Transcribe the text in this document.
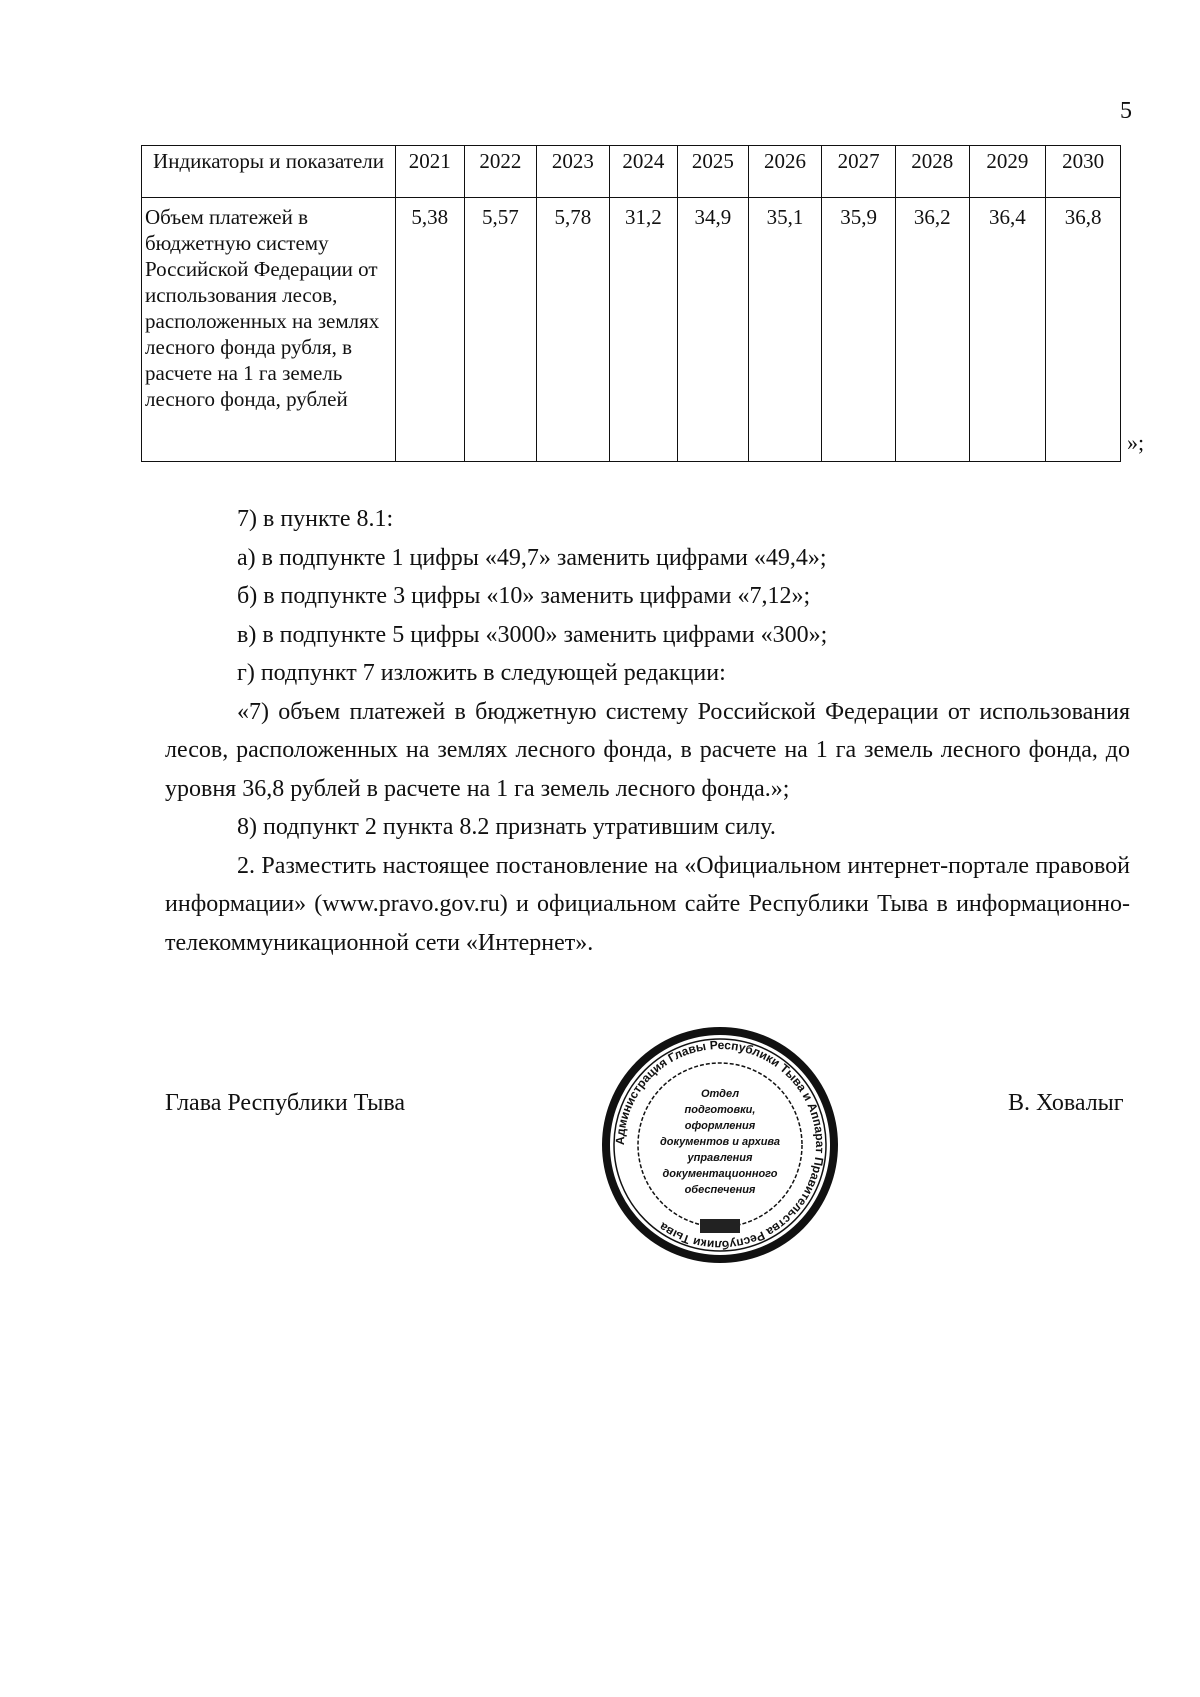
5
Индикаторы и показатели	2021	2022	2023	2024	2025	2026	2027	2028	2029	2030
Объем платежей в бюджетную систему Российской Федерации от использования лесов, расположенных на землях лесного фонда рубля, в расчете на 1 га земель лесного фонда, рублей	5,38	5,57	5,78	31,2	34,9	35,1	35,9	36,2	36,4	36,8
»;

7) в пункте 8.1:

а) в подпункте 1 цифры «49,7» заменить цифрами «49,4»;

б) в подпункте 3 цифры «10» заменить цифрами «7,12»;

в) в подпункте 5 цифры «3000» заменить цифрами «300»;

г) подпункт 7 изложить в следующей редакции:

«7) объем платежей в бюджетную систему Российской Федерации от использования лесов, расположенных на землях лесного фонда, в расчете на 1 га земель лесного фонда, до уровня 36,8 рублей в расчете на 1 га земель лесного фонда.»;

8) подпункт 2 пункта 8.2 признать утратившим силу.

2. Разместить настоящее постановление на «Официальном интернет-портале правовой информации» (www.pravo.gov.ru) и официальном сайте Республики Тыва в информационно-телекоммуникационной сети «Интернет».

Глава Республики Тыва	В. Ховалыг
Администрация Главы Республики Тыва и Аппарат Правительства Республики Тыва
Отдел
подготовки,
оформления
документов и архива
управления
документационного
обеспечения
